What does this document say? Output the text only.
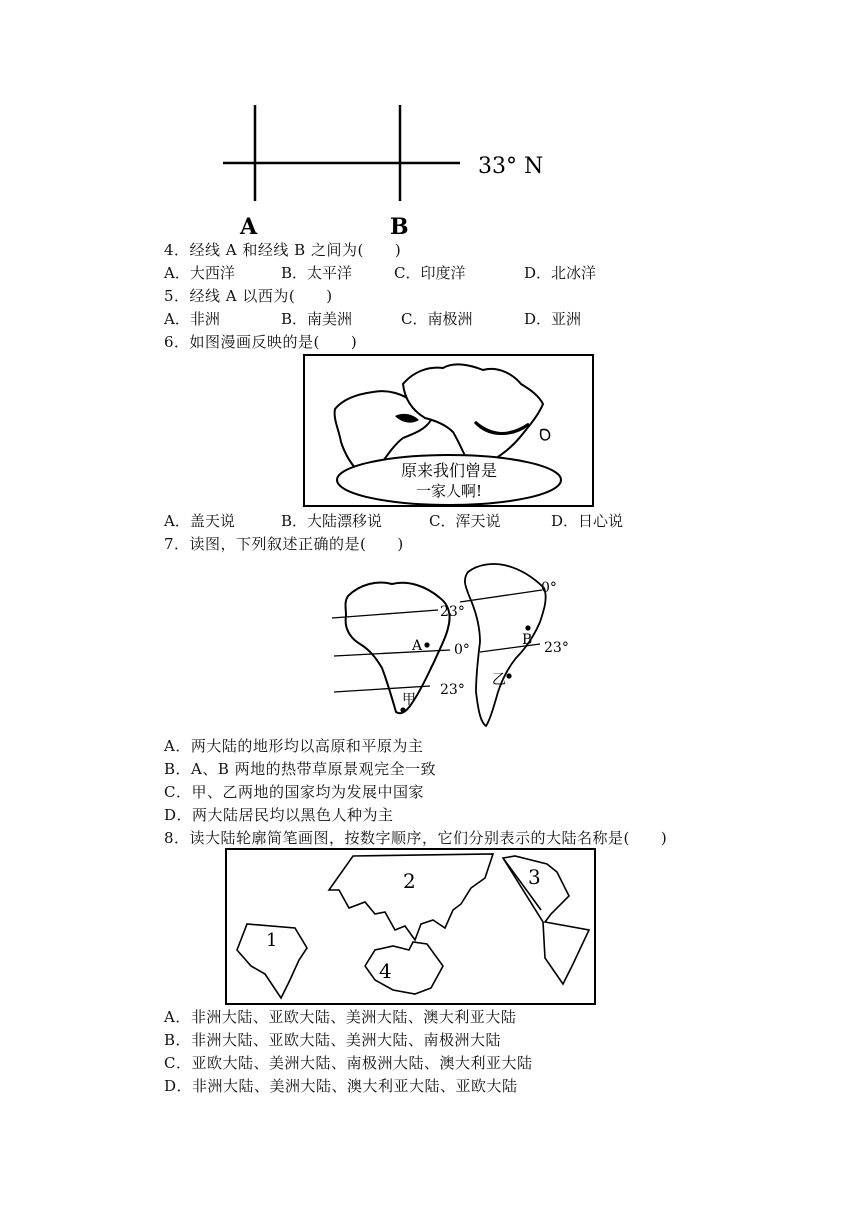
33° N
A	B
4．经线 A 和经线 B 之间为(　　)
A．大西洋	B．太平洋	C．印度洋	D．北冰洋
5．经线 A 以西为(　　)
A．非洲	B．南美洲	C．南极洲	D．亚洲
6．如图漫画反映的是(　　)
原来我们曾是
一家人啊!
A．盖天说	B．大陆漂移说	C．浑天说	D．日心说
7．读图，下列叙述正确的是(　　)
23°
0°
23°
A
甲
0°
23°
B
乙
A．两大陆的地形均以高原和平原为主
B．A、B 两地的热带草原景观完全一致
C．甲、乙两地的国家均为发展中国家
D．两大陆居民均以黑色人种为主
8．读大陆轮廓简笔画图，按数字顺序，它们分别表示的大陆名称是(　　)
1
2	3
4
A．非洲大陆、亚欧大陆、美洲大陆、澳大利亚大陆
B．非洲大陆、亚欧大陆、美洲大陆、南极洲大陆
C．亚欧大陆、美洲大陆、南极洲大陆、澳大利亚大陆
D．非洲大陆、美洲大陆、澳大利亚大陆、亚欧大陆
